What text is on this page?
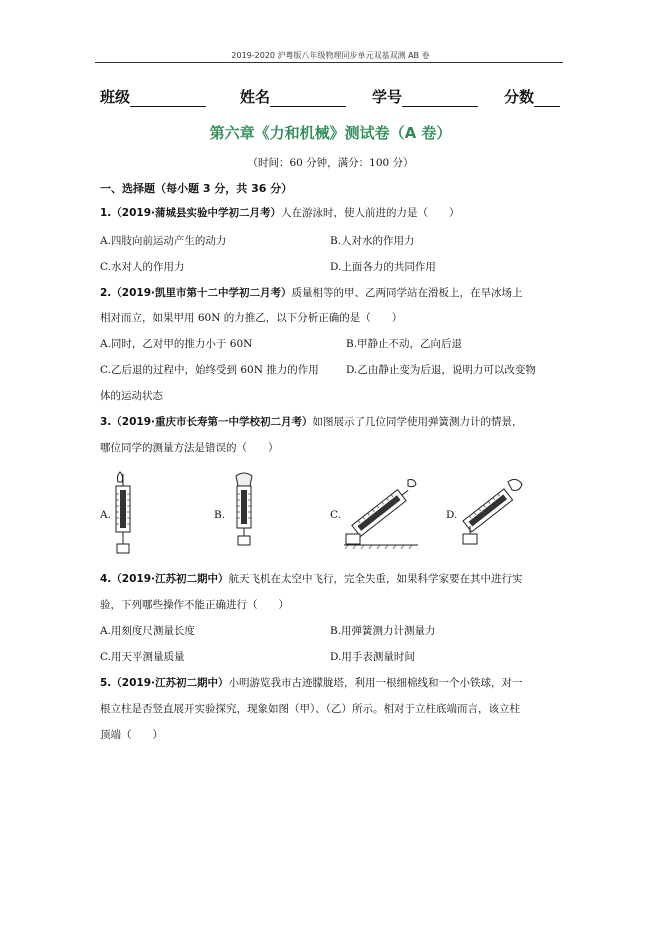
2019-2020 沪粤版八年级物理同步单元双基双测 AB 卷
班级	姓名	学号	分数
第六章《力和机械》测试卷（A 卷）
（时间：60 分钟，满分：100 分）
一、选择题（每小题 3 分，共 36 分）
1.（2019·蒲城县实验中学初二月考）人在游泳时，使人前进的力是（　　）
A.四肢向前运动产生的动力	B.人对水的作用力
C.水对人的作用力	D.上面各力的共同作用
2.（2019·凯里市第十二中学初二月考）质量相等的甲、乙两同学站在滑板上，在旱冰场上
相对而立，如果甲用 60N 的力推乙，以下分析正确的是（　　）
A.同时，乙对甲的推力小于 60N	B.甲静止不动，乙向后退
C.乙后退的过程中，始终受到 60N 推力的作用	D.乙由静止变为后退，说明力可以改变物
体的运动状态
3.（2019·重庆市长寿第一中学校初二月考）如图展示了几位同学使用弹簧测力计的情景，
哪位同学的测量方法是错误的（　　）
A.	B.	C.	D.
4.（2019·江苏初二期中）航天飞机在太空中飞行，完全失重，如果科学家要在其中进行实
验，下列哪些操作不能正确进行（　　）
A.用刻度尺测量长度	B.用弹簧测力计测量力
C.用天平测量质量	D.用手表测量时间
5.（2019·江苏初二期中）小明游览我市古迹朦胧塔，利用一根细棉线和一个小铁球，对一
根立柱是否竖直展开实验探究，现象如图（甲）、（乙）所示。相对于立柱底端而言，该立柱
顶端（　　）
